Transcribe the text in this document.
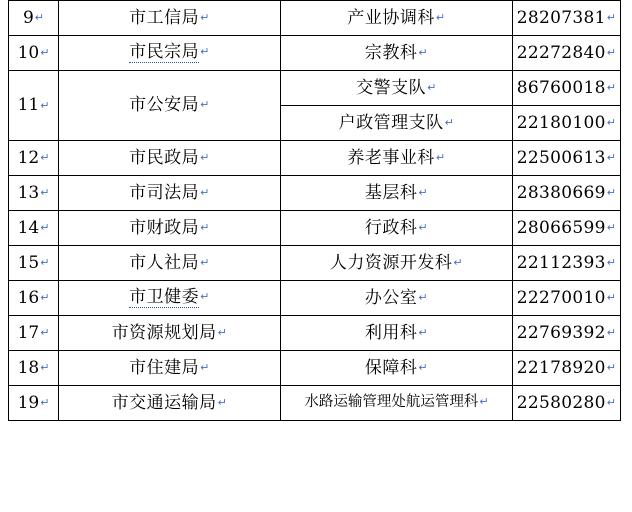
9↵	市工信局↵	产业协调科↵	28207381↵
10↵	市民宗局↵	宗教科↵	22272840↵
11↵	市公安局↵	交警支队↵	86760018↵
		户政管理支队↵	22180100↵
12↵	市民政局↵	养老事业科↵	22500613↵
13↵	市司法局↵	基层科↵	28380669↵
14↵	市财政局↵	行政科↵	28066599↵
15↵	市人社局↵	人力资源开发科↵	22112393↵
16↵	市卫健委↵	办公室↵	22270010↵
17↵	市资源规划局↵	利用科↵	22769392↵
18↵	市住建局↵	保障科↵	22178920↵
19↵	市交通运输局↵	水路运输管理处航运管理科↵	22580280↵
